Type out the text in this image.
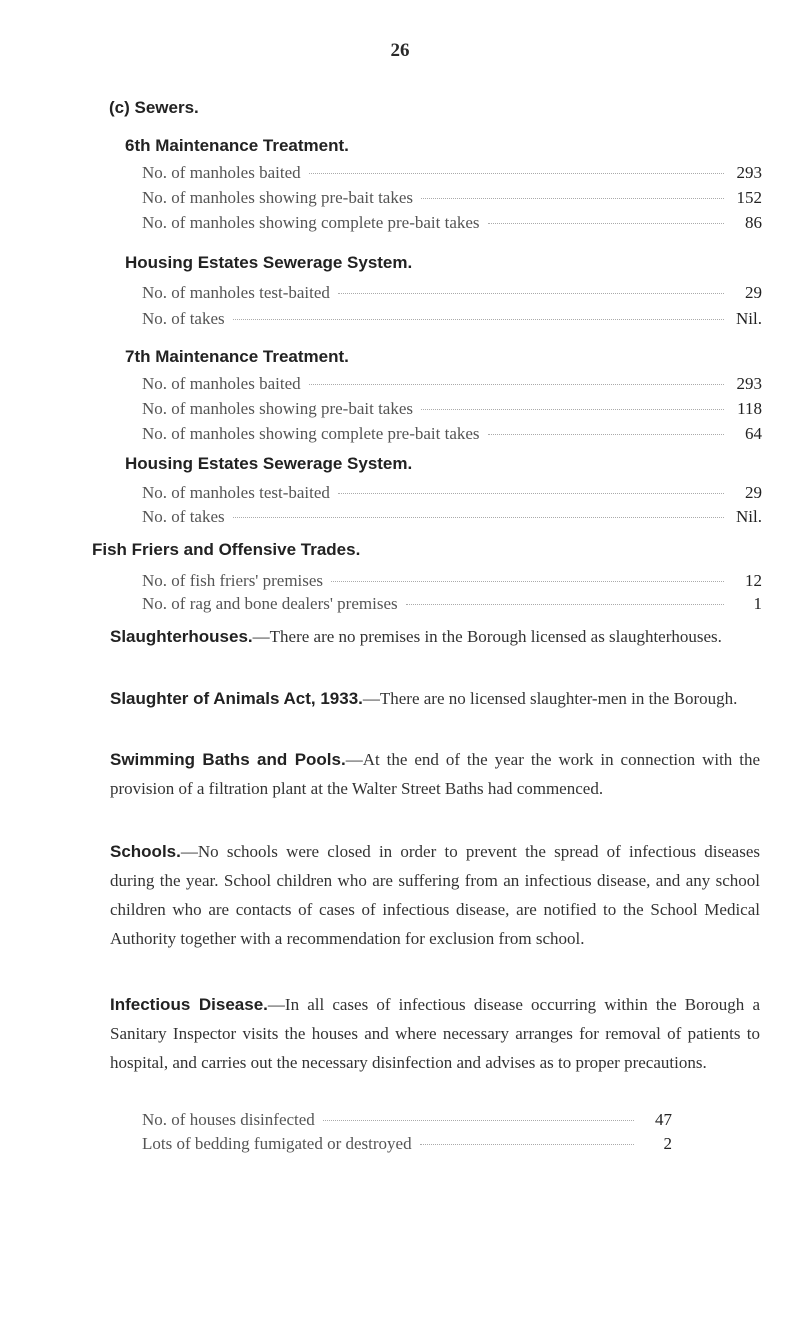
26
(c) Sewers.
6th Maintenance Treatment.
No. of manholes baited	293
No. of manholes showing pre-bait takes	152
No. of manholes showing complete pre-bait takes	86
Housing Estates Sewerage System.
No. of manholes test-baited	29
No. of takes	Nil.
7th Maintenance Treatment.
No. of manholes baited	293
No. of manholes showing pre-bait takes	118
No. of manholes showing complete pre-bait takes	64
Housing Estates Sewerage System.
No. of manholes test-baited	29
No. of takes	Nil.
Fish Friers and Offensive Trades.
No. of fish friers' premises	12
No. of rag and bone dealers' premises	1
Slaughterhouses.—There are no premises in the Borough licensed as slaughterhouses.
Slaughter of Animals Act, 1933.—There are no licensed slaughter-men in the Borough.
Swimming Baths and Pools.—At the end of the year the work in connection with the provision of a filtration plant at the Walter Street Baths had commenced.
Schools.—No schools were closed in order to prevent the spread of infectious diseases during the year. School children who are suffering from an infectious disease, and any school children who are contacts of cases of infectious disease, are notified to the School Medical Authority together with a recommendation for exclusion from school.
Infectious Disease.—In all cases of infectious disease occurring within the Borough a Sanitary Inspector visits the houses and where necessary arranges for removal of patients to hospital, and carries out the necessary disinfection and advises as to proper precautions.
No. of houses disinfected	47
Lots of bedding fumigated or destroyed	2
